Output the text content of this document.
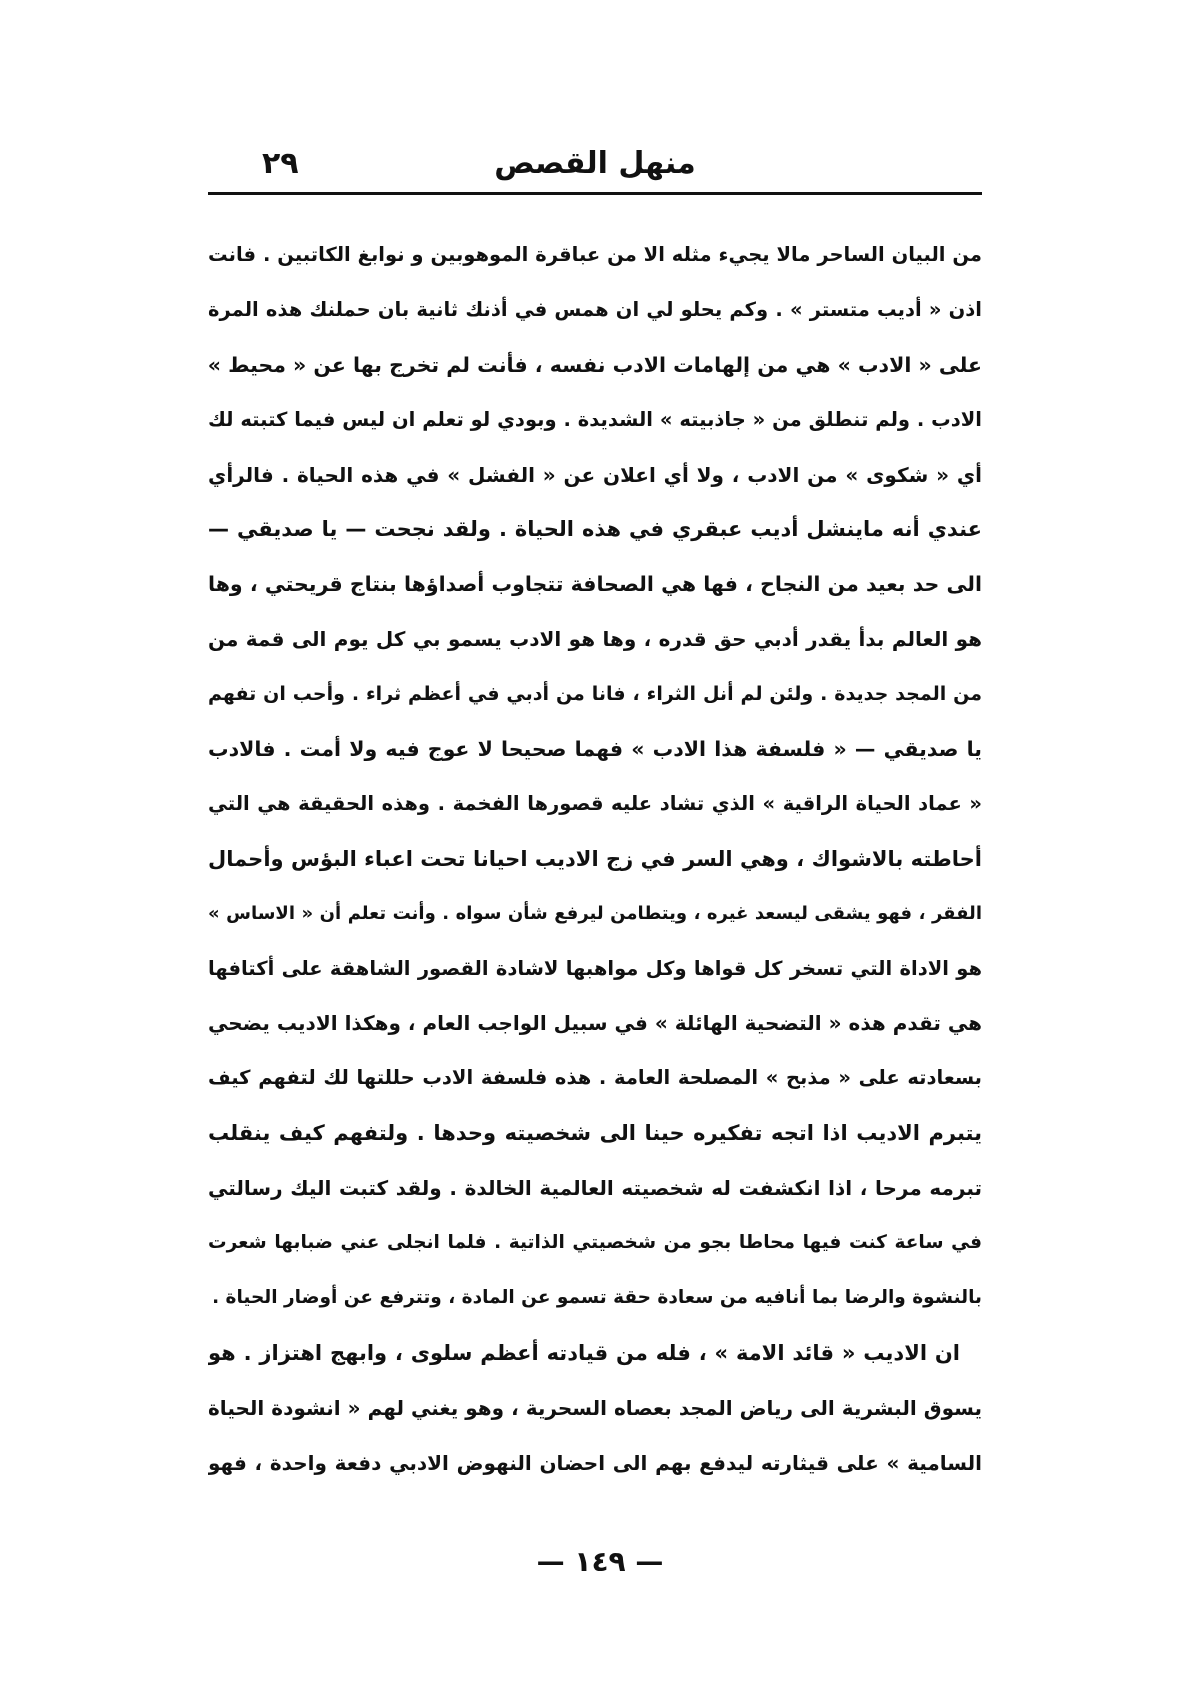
منهل القصص
٢٩
من البيان الساحر مالا يجيء مثله الا من عباقرة الموهوبين و نوابغ الكاتبين . فانت
اذن « أديب متستر » . وكم يحلو لي ان همس في أذنك ثانية بان حملنك هذه المرة
على « الادب » هي من إلهامات الادب نفسه ، فأنت لم تخرج بها عن « محيط »
الادب . ولم تنطلق من « جاذبيته » الشديدة . وبودي لو تعلم ان ليس فيما كتبته لك
أي « شكوى » من الادب ، ولا أي اعلان عن « الفشل » في هذه الحياة . فالرأي
عندي أنه ماينشل أديب عبقري في هذه الحياة . ولقد نجحت — يا صديقي —
الى حد بعيد من النجاح ، فها هي الصحافة تتجاوب أصداؤها بنتاج قريحتي ، وها
هو العالم بدأ يقدر أدبي حق قدره ، وها هو الادب يسمو بي كل يوم الى قمة من
من المجد جديدة . ولئن لم أنل الثراء ، فانا من أدبي في أعظم ثراء . وأحب ان تفهم
يا صديقي — « فلسفة هذا الادب » فهما صحيحا لا عوج فيه ولا أمت . فالادب
« عماد الحياة الراقية » الذي تشاد عليه قصورها الفخمة . وهذه الحقيقة هي التي
أحاطته بالاشواك ، وهي السر في زج الاديب احيانا تحت اعباء البؤس وأحمال
الفقر ، فهو يشقى ليسعد غيره ، ويتطامن ليرفع شأن سواه . وأنت تعلم أن « الاساس »
هو الاداة التي تسخر كل قواها وكل مواهبها لاشادة القصور الشاهقة على أكتافها
هي تقدم هذه « التضحية الهائلة » في سبيل الواجب العام ، وهكذا الاديب يضحي
بسعادته على « مذبح » المصلحة العامة . هذه فلسفة الادب حللتها لك لتفهم كيف
يتبرم الاديب اذا اتجه تفكيره حينا الى شخصيته وحدها . ولتفهم كيف ينقلب
تبرمه مرحا ، اذا انكشفت له شخصيته العالمية الخالدة . ولقد كتبت اليك رسالتي
في ساعة كنت فيها محاطا بجو من شخصيتي الذاتية . فلما انجلى عني ضبابها شعرت
بالنشوة والرضا بما أنافيه من سعادة حقة تسمو عن المادة ، وتترفع عن أوضار الحياة .
ان الاديب « قائد الامة » ، فله من قيادته أعظم سلوى ، وابهج اهتزاز . هو
يسوق البشرية الى رياض المجد بعصاه السحرية ، وهو يغني لهم « انشودة الحياة
السامية » على قيثارته ليدفع بهم الى احضان النهوض الادبي دفعة واحدة ، فهو
— ١٤٩ —
